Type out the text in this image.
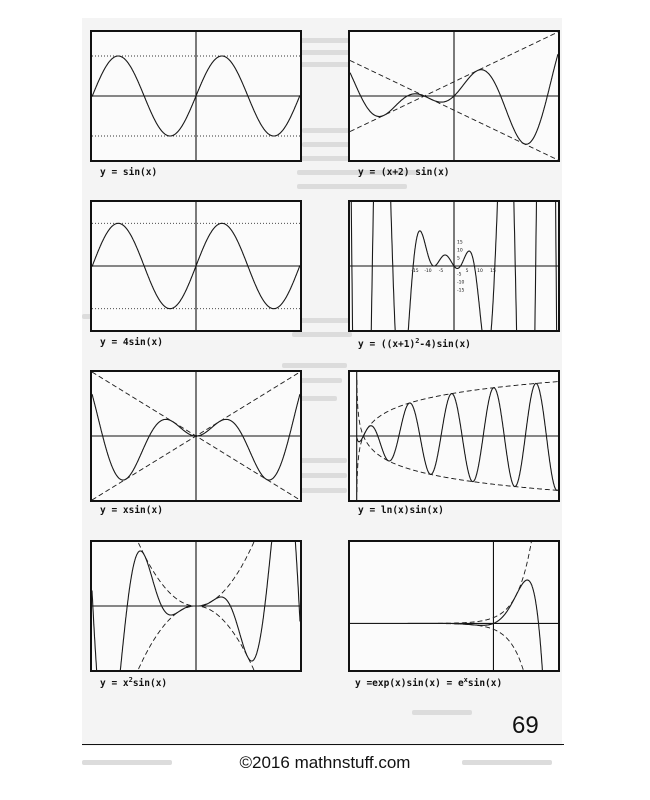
y = sin(x)	y = (x+2) sin(x)
y = 4sin(x)
-15 -10 -5	5 10 15
15
10
5
-5
-10
-15
$y = ((x+1)^2-4)\sin(x)$
y = xsin(x)	y = ln(x)sin(x)
$y = x^2\sin(x)$	$y =\exp(x)\sin(x) = e^x\sin(x)$
69
©2016 mathnstuff.com
